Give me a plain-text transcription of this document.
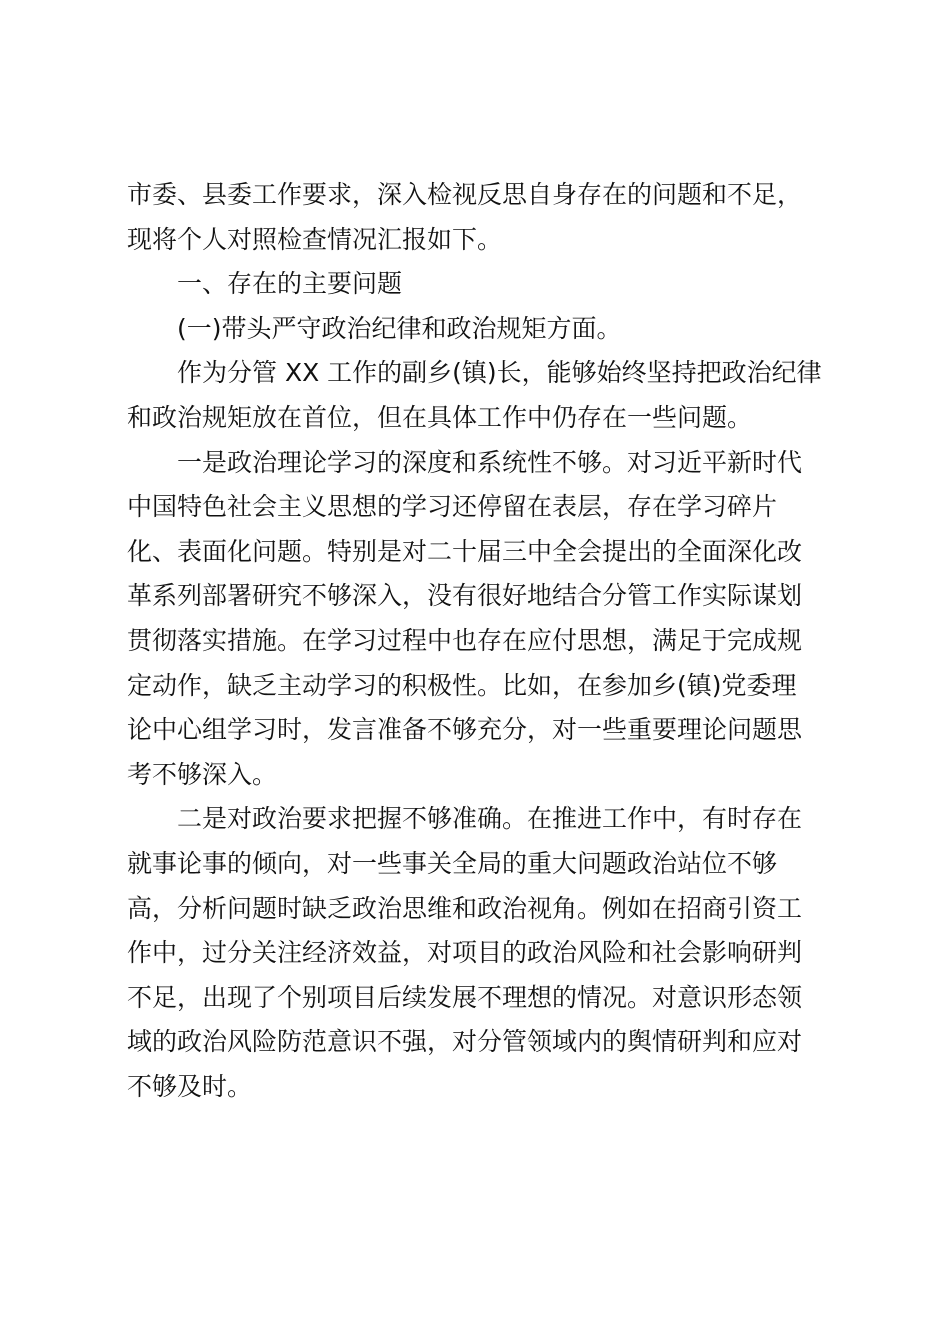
市委、县委工作要求，深入检视反思自身存在的问题和不足，
现将个人对照检查情况汇报如下。
一、存在的主要问题
(一)带头严守政治纪律和政治规矩方面。
作为分管 XX 工作的副乡(镇)长，能够始终坚持把政治纪律
和政治规矩放在首位，但在具体工作中仍存在一些问题。
一是政治理论学习的深度和系统性不够。对习近平新时代
中国特色社会主义思想的学习还停留在表层，存在学习碎片
化、表面化问题。特别是对二十届三中全会提出的全面深化改
革系列部署研究不够深入，没有很好地结合分管工作实际谋划
贯彻落实措施。在学习过程中也存在应付思想，满足于完成规
定动作，缺乏主动学习的积极性。比如，在参加乡(镇)党委理
论中心组学习时，发言准备不够充分，对一些重要理论问题思
考不够深入。
二是对政治要求把握不够准确。在推进工作中，有时存在
就事论事的倾向，对一些事关全局的重大问题政治站位不够
高，分析问题时缺乏政治思维和政治视角。例如在招商引资工
作中，过分关注经济效益，对项目的政治风险和社会影响研判
不足，出现了个别项目后续发展不理想的情况。对意识形态领
域的政治风险防范意识不强，对分管领域内的舆情研判和应对
不够及时。
